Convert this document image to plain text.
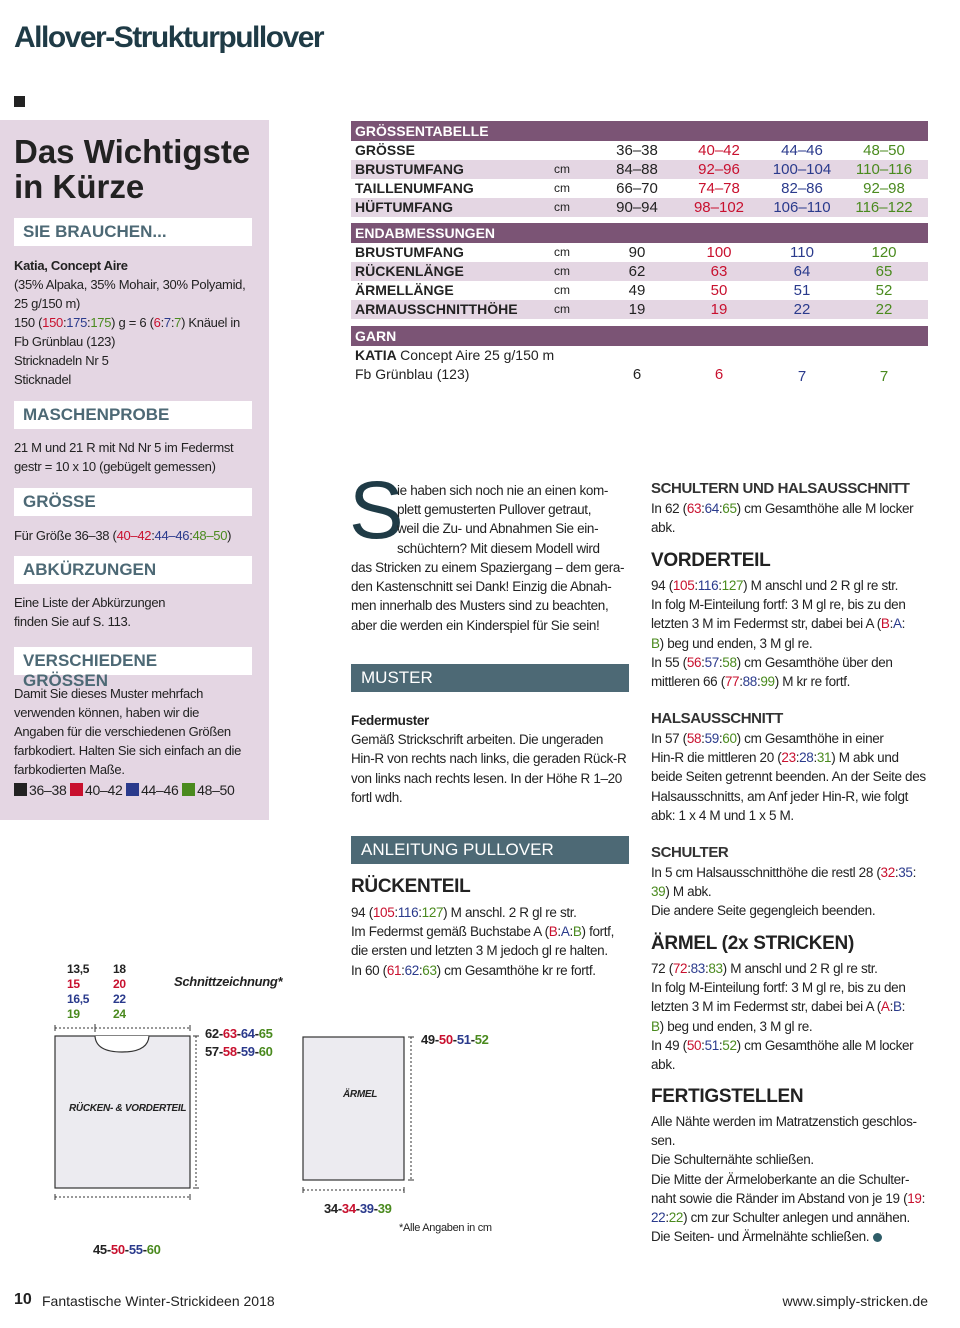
Allover-Strukturpullover
Das Wichtigste
in Kürze
SIE BRAUCHEN...
Katia, Concept Aire
(35% Alpaka, 35% Mohair, 30% Polyamid,
25 g/150 m)
150 (150:175:175) g = 6 (6:7:7) Knäuel in
Fb Grünblau (123)
Stricknadeln Nr 5
Sticknadel
MASCHENPROBE
21 M und 21 R mit Nd Nr 5 im Federmst
gestr = 10 x 10 (gebügelt gemessen)
GRÖSSE
Für Größe 36–38 (40–42:44–46:48–50)
ABKÜRZUNGEN
Eine Liste der Abkürzungen
finden Sie auf S. 113.
VERSCHIEDENE GRÖSSEN
Damit Sie dieses Muster mehrfach
verwenden können, haben wir die
Angaben für die verschiedenen Größen
farbkodiert. Halten Sie sich einfach an die
farbkodierten Maße.
36–38 40–42 44–46 48–50
GRÖSSENTABELLE
GRÖSSE	36–38	40–42	44–46	48–50
BRUSTUMFANG	cm	84–88	92–96	100–104	110–116
TAILLENUMFANG	cm	66–70	74–78	82–86	92–98
HÜFTUMFANG	cm	90–94	98–102	106–110	116–122
ENDABMESSUNGEN
BRUSTUMFANG	cm	90	100	110	120
RÜCKENLÄNGE	cm	62	63	64	65
ÄRMELLÄNGE	cm	49	50	51	52
ARMAUSSCHNITTHÖHE	cm	19	19	22	22
GARN
KATIA Concept Aire 25 g/150 m
Fb Grünblau (123)	6	6	7	7
S
ie haben sich noch nie an einen kom-
plett gemusterten Pullover getraut,
weil die Zu- und Abnahmen Sie ein-
schüchtern? Mit diesem Modell wird
das Stricken zu einem Spaziergang – dem gera-
den Kastenschnitt sei Dank! Einzig die Abnah-
men innerhalb des Musters sind zu beachten,
aber die werden ein Kinderspiel für Sie sein!
MUSTER
Federmuster
Gemäß Strickschrift arbeiten. Die ungeraden
Hin-R von rechts nach links, die geraden Rück-R
von links nach rechts lesen. In der Höhe R 1–20
fortl wdh.
ANLEITUNG PULLOVER
RÜCKENTEIL
94 (105:116:127) M anschl. 2 R gl re str.
Im Federmst gemäß Buchstabe A (B:A:B) fortf,
die ersten und letzten 3 M jedoch gl re halten.
In 60 (61:62:63) cm Gesamthöhe kr re fortf.
SCHULTERN UND HALSAUSSCHNITT
In 62 (63:64:65) cm Gesamthöhe alle M locker
abk.
VORDERTEIL
94 (105:116:127) M anschl und 2 R gl re str.
In folg M-Einteilung fortf: 3 M gl re, bis zu den
letzten 3 M im Federmst str, dabei bei A (B:A:
B) beg und enden, 3 M gl re.
In 55 (56:57:58) cm Gesamthöhe über den
mittleren 66 (77:88:99) M kr re fortf.
HALSAUSSCHNITT
In 57 (58:59:60) cm Gesamthöhe in einer
Hin-R die mittleren 20 (23:28:31) M abk und
beide Seiten getrennt beenden. An der Seite des
Halsausschnitts, am Anf jeder Hin-R, wie folgt
abk: 1 x 4 M und 1 x 5 M.
SCHULTER
In 5 cm Halsausschnitthöhe die restl 28 (32:35:
39) M abk.
Die andere Seite gegengleich beenden.
ÄRMEL (2x STRICKEN)
72 (72:83:83) M anschl und 2 R gl re str.
In folg M-Einteilung fortf: 3 M gl re, bis zu den
letzten 3 M im Federmst str, dabei bei A (A:B:
B) beg und enden, 3 M gl re.
In 49 (50:51:52) cm Gesamthöhe alle M locker
abk.
FERTIGSTELLEN
Alle Nähte werden im Matratzenstich geschlos-
sen.
Die Schulternähte schließen.
Die Mitte der Ärmeloberkante an die Schulter-
naht sowie die Ränder im Abstand von je 19 (19:
22:22) cm zur Schulter anlegen und annähen.
Die Seiten- und Ärmelnähte schließen.
13,5
15
16,5
19
18
20
22
24
Schnittzeichnung*
62-63-64-65
57-58-59-60
RÜCKEN- & VORDERTEIL
ÄRMEL
49-50-51-52
34-34-39-39
*Alle Angaben in cm
45-50-55-60
10 Fantastische Winter-Strickideen 2018	www.simply-stricken.de
